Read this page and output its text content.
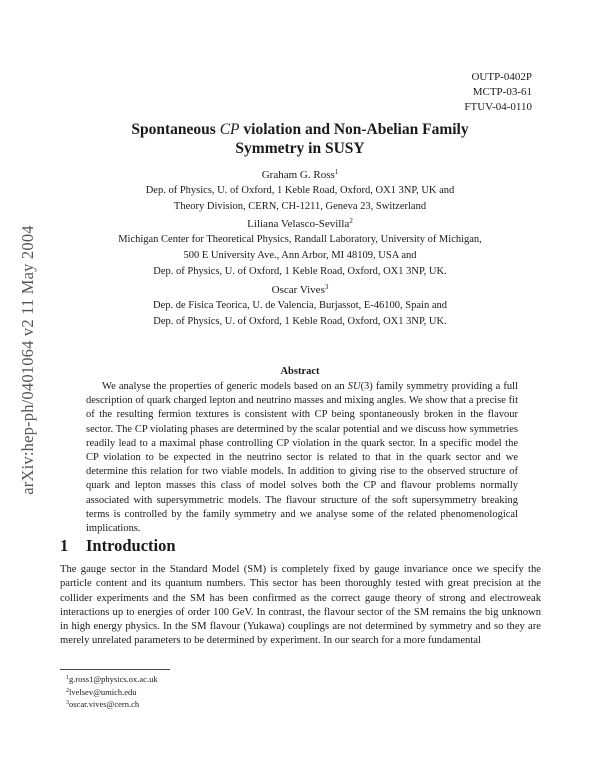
arXiv:hep-ph/0401064 v2 11 May 2004
OUTP-0402P
MCTP-03-61
FTUV-04-0110
Spontaneous CP violation and Non-Abelian Family
Symmetry in SUSY
Graham G. Ross$^1$
Dep. of Physics, U. of Oxford, 1 Keble Road, Oxford, OX1 3NP, UK and
Theory Division, CERN, CH-1211, Geneva 23, Switzerland
Liliana Velasco-Sevilla$^2$
Michigan Center for Theoretical Physics, Randall Laboratory, University of Michigan,
500 E University Ave., Ann Arbor, MI 48109, USA and
Dep. of Physics, U. of Oxford, 1 Keble Road, Oxford, OX1 3NP, UK.
Oscar Vives$^3$
Dep. de Fisica Teorica, U. de Valencia, Burjassot, E-46100, Spain and
Dep. of Physics, U. of Oxford, 1 Keble Road, Oxford, OX1 3NP, UK.
Abstract
We analyse the properties of generic models based on an SU(3) family symmetry providing a full description of quark charged lepton and neutrino masses and mixing angles. We show that a precise fit of the resulting fermion textures is consistent with CP being spontaneously broken in the flavour sector. The CP violating phases are determined by the scalar potential and we discuss how symmetries readily lead to a maximal phase controlling CP violation in the quark sector. In a specific model the CP violation to be expected in the neutrino sector is related to that in the quark sector and we determine this relation for two viable models. In addition to giving rise to the observed structure of quark and lepton masses this class of model solves both the CP and flavour problems normally associated with supersymmetric models. The flavour structure of the soft supersymmetry breaking terms is controlled by the family symmetry and we analyse some of the related phenomenological implications.
1 Introduction
The gauge sector in the Standard Model (SM) is completely fixed by gauge invariance once we specify the particle content and its quantum numbers. This sector has been thoroughly tested with great precision at the collider experiments and the SM has been confirmed as the correct gauge theory of strong and electroweak interactions up to energies of order 100 GeV. In contrast, the flavour sector of the SM remains the big unknown in high energy physics. In the SM flavour (Yukawa) couplings are not determined by symmetry and so they are merely unrelated parameters to be determined by experiment. In our search for a more fundamental
$^1$g.ross1@physics.ox.ac.uk
$^2$lvelsev@umich.edu
$^3$oscar.vives@cern.ch
